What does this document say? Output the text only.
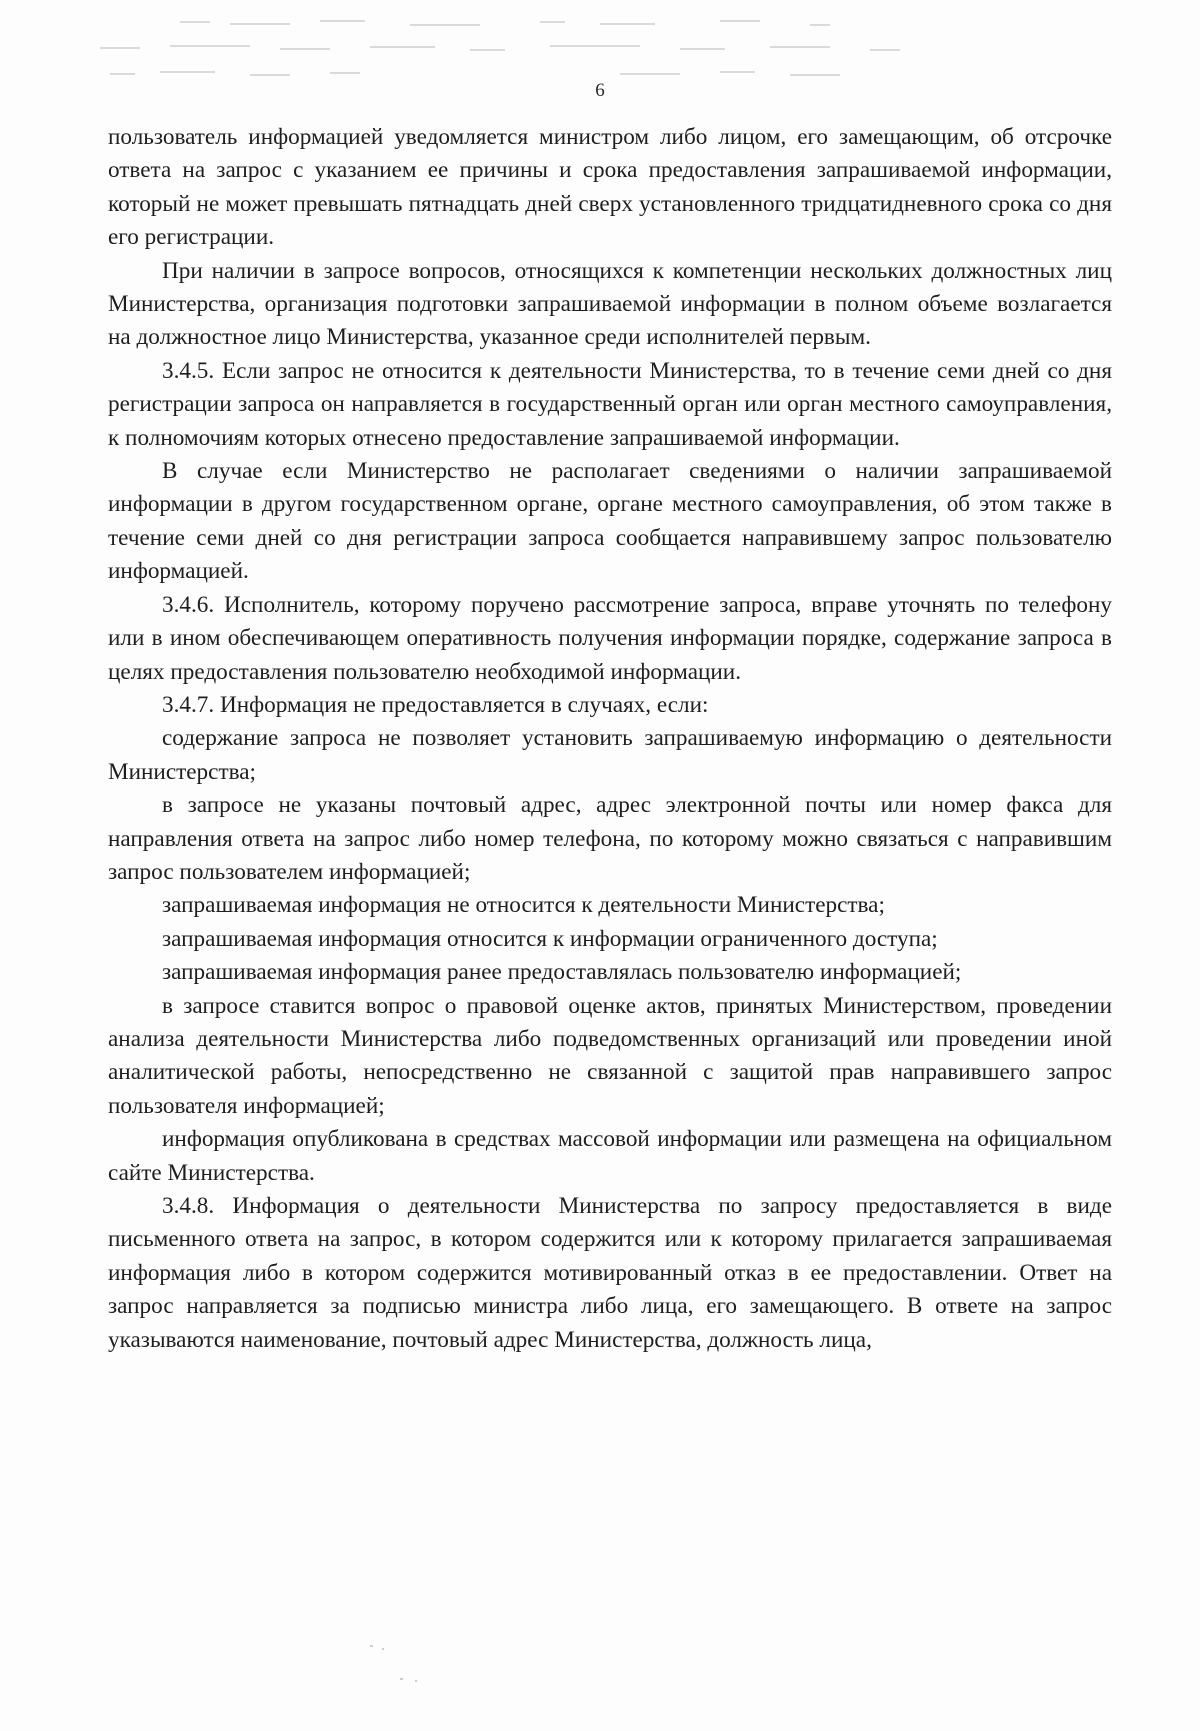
6

пользователь информацией уведомляется министром либо лицом, его замещающим, об отсрочке ответа на запрос с указанием ее причины и срока предоставления запрашиваемой информации, который не может превышать пятнадцать дней сверх установленного тридцатидневного срока со дня его регистрации.

При наличии в запросе вопросов, относящихся к компетенции нескольких должностных лиц Министерства, организация подготовки запрашиваемой информации в полном объеме возлагается на должностное лицо Министерства, указанное среди исполнителей первым.

3.4.5. Если запрос не относится к деятельности Министерства, то в течение семи дней со дня регистрации запроса он направляется в государственный орган или орган местного самоуправления, к полномочиям которых отнесено предоставление запрашиваемой информации.

В случае если Министерство не располагает сведениями о наличии запрашиваемой информации в другом государственном органе, органе местного самоуправления, об этом также в течение семи дней со дня регистрации запроса сообщается направившему запрос пользователю информацией.

3.4.6. Исполнитель, которому поручено рассмотрение запроса, вправе уточнять по телефону или в ином обеспечивающем оперативность получения информации порядке, содержание запроса в целях предоставления пользователю необходимой информации.

3.4.7. Информация не предоставляется в случаях, если:

содержание запроса не позволяет установить запрашиваемую информацию о деятельности Министерства;

в запросе не указаны почтовый адрес, адрес электронной почты или номер факса для направления ответа на запрос либо номер телефона, по которому можно связаться с направившим запрос пользователем информацией;

запрашиваемая информация не относится к деятельности Министерства;

запрашиваемая информация относится к информации ограниченного доступа;

запрашиваемая информация ранее предоставлялась пользователю информацией;

в запросе ставится вопрос о правовой оценке актов, принятых Министерством, проведении анализа деятельности Министерства либо подведомственных организаций или проведении иной аналитической работы, непосредственно не связанной с защитой прав направившего запрос пользователя информацией;

информация опубликована в средствах массовой информации или размещена на официальном сайте Министерства.

3.4.8. Информация о деятельности Министерства по запросу предоставляется в виде письменного ответа на запрос, в котором содержится или к которому прилагается запрашиваемая информация либо в котором содержится мотивированный отказ в ее предоставлении. Ответ на запрос направляется за подписью министра либо лица, его замещающего. В ответе на запрос указываются наименование, почтовый адрес Министерства, должность лица,
